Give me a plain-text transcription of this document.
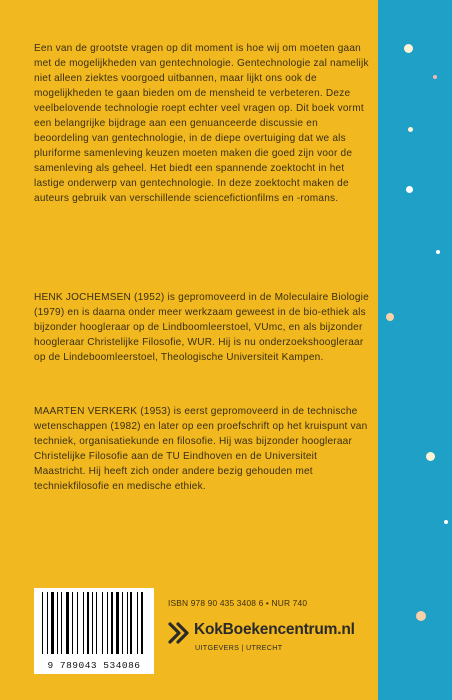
Een van de grootste vragen op dit moment is hoe wij om moeten gaan met de mogelijkheden van gentechnologie. Gentechnologie zal namelijk niet alleen ziektes voorgoed uitbannen, maar lijkt ons ook de mogelijkheden te gaan bieden om de mensheid te verbeteren. Deze veelbelovende technologie roept echter veel vragen op. Dit boek vormt een belangrijke bijdrage aan een genuanceerde discussie en beoordeling van gentechnologie, in de diepe overtuiging dat we als pluriforme samenleving keuzen moeten maken die goed zijn voor de samenleving als geheel. Het biedt een spannende zoektocht in het lastige onderwerp van gentechnologie. In deze zoektocht maken de auteurs gebruik van verschillende sciencefictionfilms en -romans.
HENK JOCHEMSEN (1952) is gepromoveerd in de Moleculaire Biologie (1979) en is daarna onder meer werkzaam geweest in de bio-ethiek als bijzonder hoogleraar op de Lindboomleerstoel, VUmc, en als bijzonder hoogleraar Christelijke Filosofie, WUR. Hij is nu onderzoekshoogleraar op de Lindeboomleerstoel, Theologische Universiteit Kampen.
MAARTEN VERKERK (1953) is eerst gepromoveerd in de technische wetenschappen (1982) en later op een proefschrift op het kruispunt van techniek, organisatiekunde en filosofie. Hij was bijzonder hoogleraar Christelijke Filosofie aan de TU Eindhoven en de Universiteit Maastricht. Hij heeft zich onder andere bezig gehouden met techniekfilosofie en medische ethiek.
ISBN 978 90 435 3408 6 • NUR 740
9 789043 534086
KokBoekencentrum.nl
UITGEVERS | UTRECHT
